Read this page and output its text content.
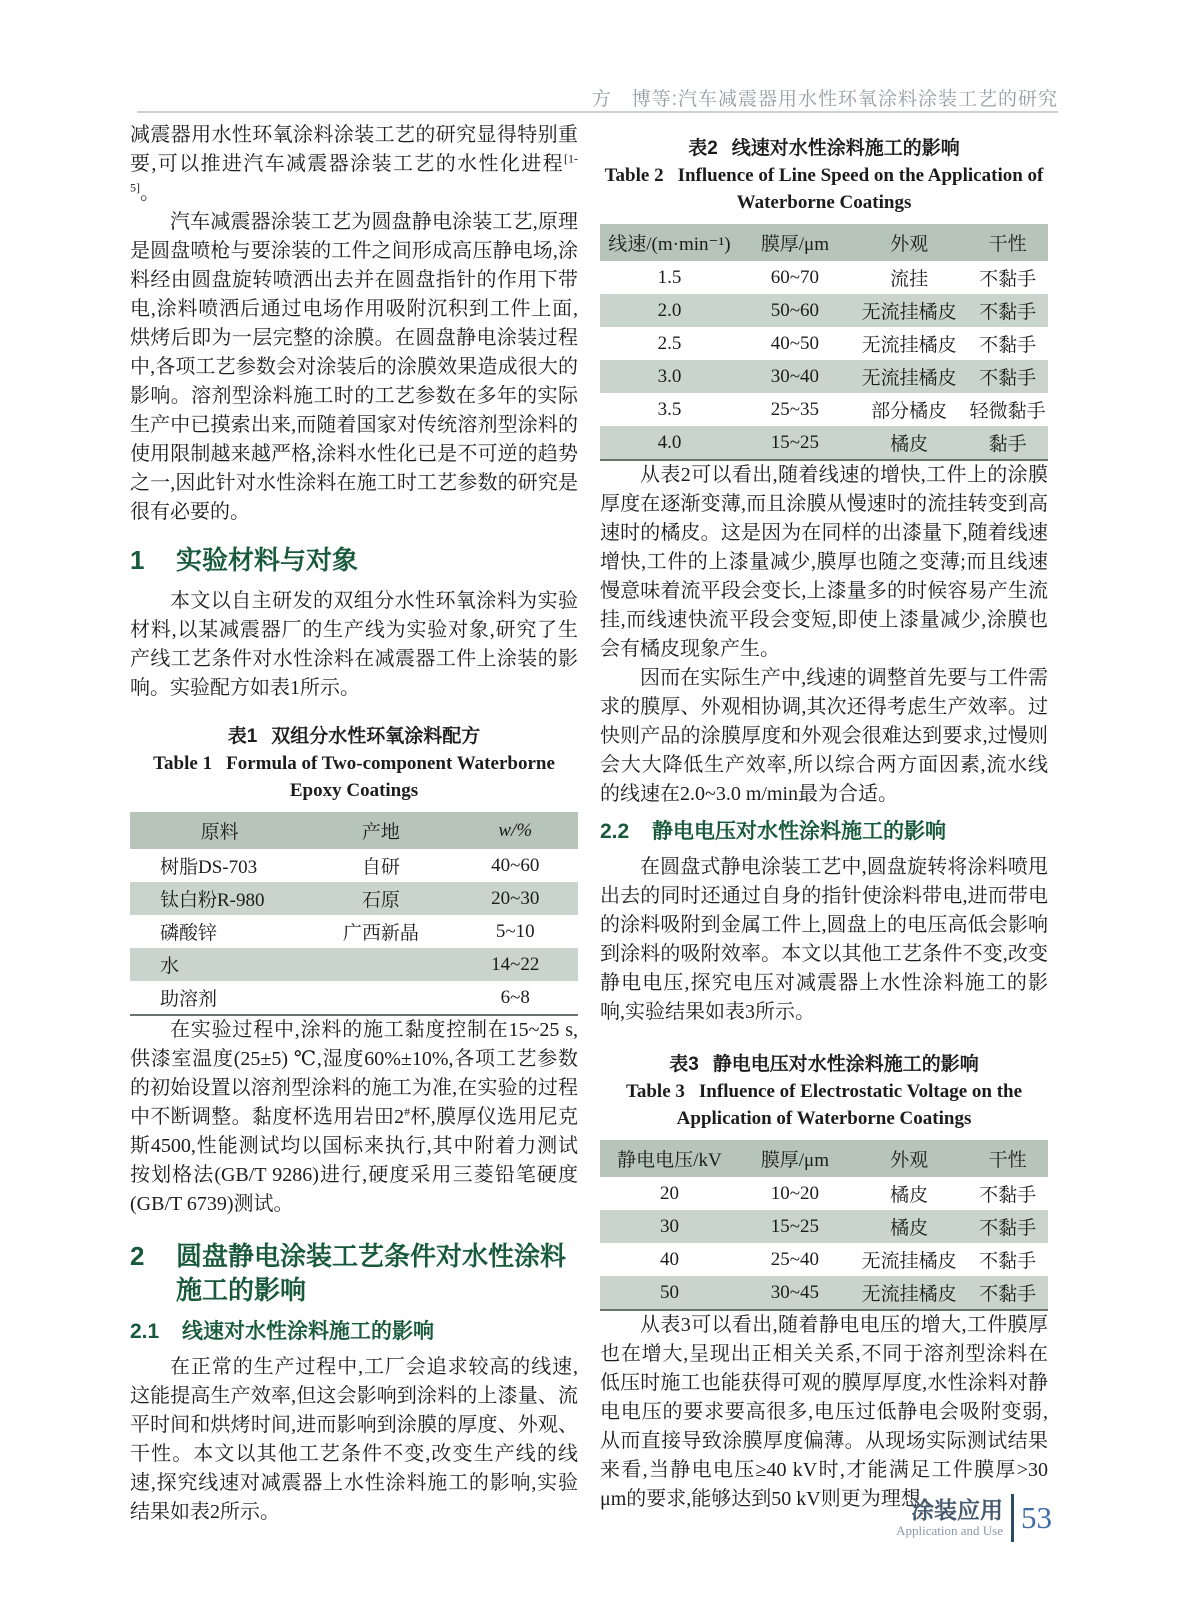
方　博等:汽车减震器用水性环氧涂料涂装工艺的研究

减震器用水性环氧涂料涂装工艺的研究显得特别重要,可以推进汽车减震器涂装工艺的水性化进程[1-5]。

汽车减震器涂装工艺为圆盘静电涂装工艺,原理是圆盘喷枪与要涂装的工件之间形成高压静电场,涂料经由圆盘旋转喷洒出去并在圆盘指针的作用下带电,涂料喷洒后通过电场作用吸附沉积到工件上面,烘烤后即为一层完整的涂膜。在圆盘静电涂装过程中,各项工艺参数会对涂装后的涂膜效果造成很大的影响。溶剂型涂料施工时的工艺参数在多年的实际生产中已摸索出来,而随着国家对传统溶剂型涂料的使用限制越来越严格,涂料水性化已是不可逆的趋势之一,因此针对水性涂料在施工时工艺参数的研究是很有必要的。

1	实验材料与对象

本文以自主研发的双组分水性环氧涂料为实验材料,以某减震器厂的生产线为实验对象,研究了生产线工艺条件对水性涂料在减震器工件上涂装的影响。实验配方如表1所示。

表1 双组分水性环氧涂料配方
Table 1 Formula of Two-component Waterborne Epoxy Coatings
原料	产地	w/%
树脂DS-703	自研	40~60
钛白粉R-980	石原	20~30
磷酸锌	广西新晶	5~10
水		14~22
助溶剂		6~8

在实验过程中,涂料的施工黏度控制在15~25 s,供漆室温度(25±5) ℃,湿度60%±10%,各项工艺参数的初始设置以溶剂型涂料的施工为准,在实验的过程中不断调整。黏度杯选用岩田2#杯,膜厚仪选用尼克斯4500,性能测试均以国标来执行,其中附着力测试按划格法(GB/T 9286)进行,硬度采用三菱铅笔硬度(GB/T 6739)测试。

2	圆盘静电涂装工艺条件对水性涂料施工的影响
2.1	线速对水性涂料施工的影响

在正常的生产过程中,工厂会追求较高的线速,这能提高生产效率,但这会影响到涂料的上漆量、流平时间和烘烤时间,进而影响到涂膜的厚度、外观、干性。本文以其他工艺条件不变,改变生产线的线速,探究线速对减震器上水性涂料施工的影响,实验结果如表2所示。

表2 线速对水性涂料施工的影响
Table 2 Influence of Line Speed on the Application of Waterborne Coatings
线速/(m·min⁻¹)	膜厚/μm	外观	干性
1.5	60~70	流挂	不黏手
2.0	50~60	无流挂橘皮	不黏手
2.5	40~50	无流挂橘皮	不黏手
3.0	30~40	无流挂橘皮	不黏手
3.5	25~35	部分橘皮	轻微黏手
4.0	15~25	橘皮	黏手

从表2可以看出,随着线速的增快,工件上的涂膜厚度在逐渐变薄,而且涂膜从慢速时的流挂转变到高速时的橘皮。这是因为在同样的出漆量下,随着线速增快,工件的上漆量减少,膜厚也随之变薄;而且线速慢意味着流平段会变长,上漆量多的时候容易产生流挂,而线速快流平段会变短,即使上漆量减少,涂膜也会有橘皮现象产生。

因而在实际生产中,线速的调整首先要与工件需求的膜厚、外观相协调,其次还得考虑生产效率。过快则产品的涂膜厚度和外观会很难达到要求,过慢则会大大降低生产效率,所以综合两方面因素,流水线的线速在2.0~3.0 m/min最为合适。

2.2	静电电压对水性涂料施工的影响

在圆盘式静电涂装工艺中,圆盘旋转将涂料喷甩出去的同时还通过自身的指针使涂料带电,进而带电的涂料吸附到金属工件上,圆盘上的电压高低会影响到涂料的吸附效率。本文以其他工艺条件不变,改变静电电压,探究电压对减震器上水性涂料施工的影响,实验结果如表3所示。

表3 静电电压对水性涂料施工的影响
Table 3 Influence of Electrostatic Voltage on the Application of Waterborne Coatings
静电电压/kV	膜厚/μm	外观	干性
20	10~20	橘皮	不黏手
30	15~25	橘皮	不黏手
40	25~40	无流挂橘皮	不黏手
50	30~45	无流挂橘皮	不黏手

从表3可以看出,随着静电电压的增大,工件膜厚也在增大,呈现出正相关关系,不同于溶剂型涂料在低压时施工也能获得可观的膜厚厚度,水性涂料对静电电压的要求要高很多,电压过低静电会吸附变弱,从而直接导致涂膜厚度偏薄。从现场实际测试结果来看,当静电电压≥40 kV时,才能满足工件膜厚>30 μm的要求,能够达到50 kV则更为理想。

涂装应用
Application and Use 53
